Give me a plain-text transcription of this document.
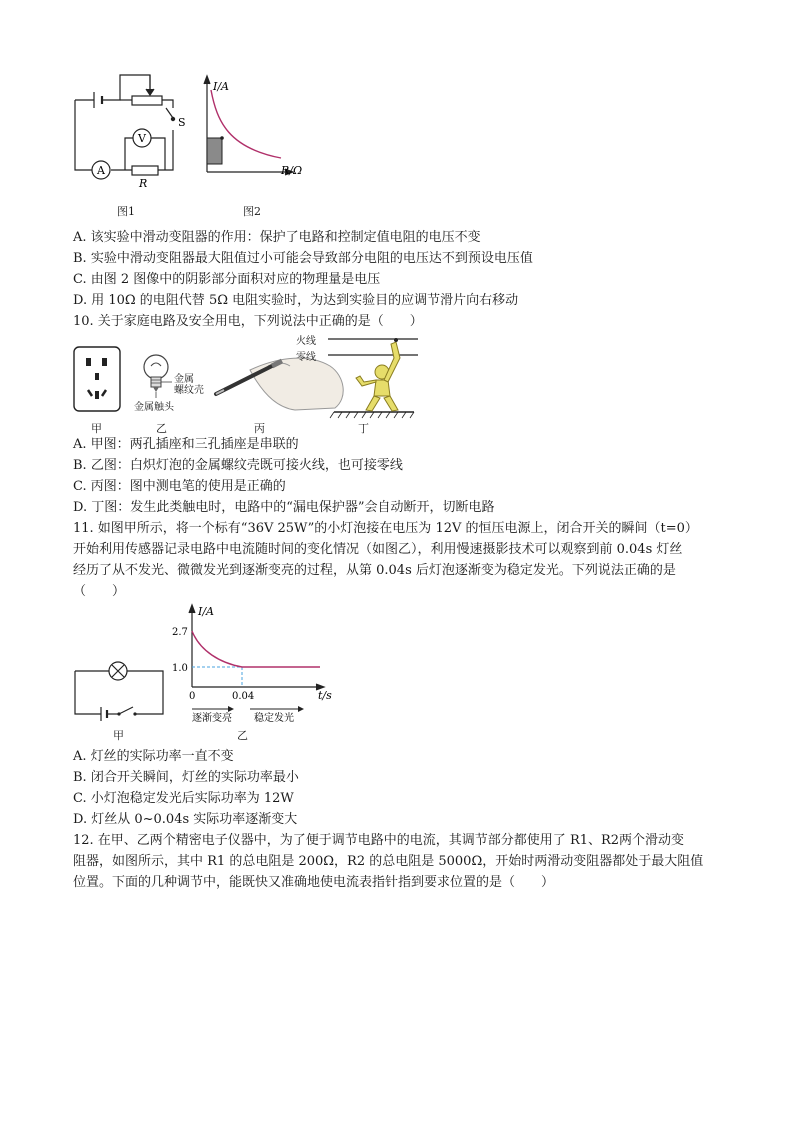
A
V
S
R
图1
I/A
R/Ω
图2
A. 该实验中滑动变阻器的作用：保护了电路和控制定值电阻的电压不变
B. 实验中滑动变阻器最大阻值过小可能会导致部分电阻的电压达不到预设电压值
C. 由图 2 图像中的阴影部分面积对应的物理量是电压
D. 用 10Ω 的电阻代替 5Ω 电阻实验时，为达到实验目的应调节滑片向右移动
10. 关于家庭电路及安全用电，下列说法中正确的是（　　）
金属
螺纹壳
金属触头
火线
零线
甲	乙	丙	丁
A. 甲图：两孔插座和三孔插座是串联的
B. 乙图：白炽灯泡的金属螺纹壳既可接火线，也可接零线
C. 丙图：图中测电笔的使用是正确的
D. 丁图：发生此类触电时，电路中的“漏电保护器”会自动断开，切断电路
11. 如图甲所示，将一个标有“36V 25W”的小灯泡接在电压为 12V 的恒压电源上，闭合开关的瞬间（t=0）
开始利用传感器记录电路中电流随时间的变化情况（如图乙），利用慢速摄影技术可以观察到前 0.04s 灯丝
经历了从不发光、微微发光到逐渐变亮的过程，从第 0.04s 后灯泡逐渐变为稳定发光。下列说法正确的是
（　　）
甲
I/A
t/s
2.7
1.0
0	0.04
逐渐变亮 稳定发光
乙
A. 灯丝的实际功率一直不变
B. 闭合开关瞬间，灯丝的实际功率最小
C. 小灯泡稳定发光后实际功率为 12W
D. 灯丝从 0~0.04s 实际功率逐渐变大
12. 在甲、乙两个精密电子仪器中，为了便于调节电路中的电流，其调节部分都使用了 R1、R2两个滑动变
阻器，如图所示，其中 R1 的总电阻是 200Ω，R2 的总电阻是 5000Ω，开始时两滑动变阻器都处于最大阻值
位置。下面的几种调节中，能既快又准确地使电流表指针指到要求位置的是（　　）
